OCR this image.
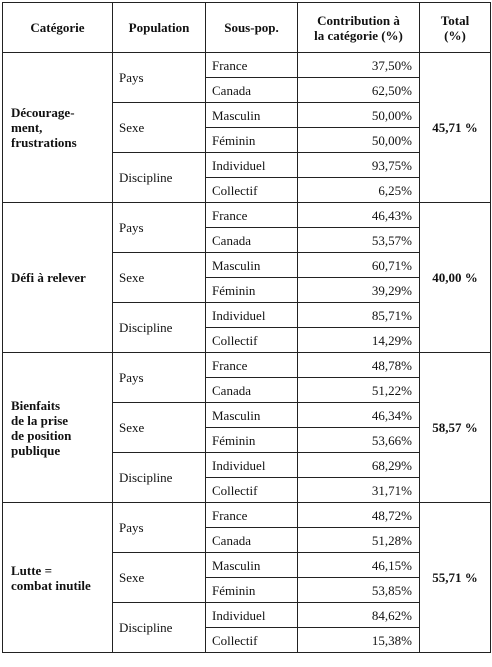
Catégorie	Population	Sous-pop.	Contribution à
la catégorie (%)	Total
(%)

Décourage-
ment,
frustrations	Pays	France	37,50%	45,71 %
		Canada	62,50%	
	Sexe	Masculin	50,00%	
		Féminin	50,00%	
	Discipline	Individuel	93,75%	
		Collectif	6,25%	
Défi à relever	Pays	France	46,43%	40,00 %
		Canada	53,57%	
	Sexe	Masculin	60,71%	
		Féminin	39,29%	
	Discipline	Individuel	85,71%	
		Collectif	14,29%	
Bienfaits
de la prise
de position
publique	Pays	France	48,78%	58,57 %
		Canada	51,22%	
	Sexe	Masculin	46,34%	
		Féminin	53,66%	
	Discipline	Individuel	68,29%	
		Collectif	31,71%	
Lutte =
combat inutile	Pays	France	48,72%	55,71 %
		Canada	51,28%	
	Sexe	Masculin	46,15%	
		Féminin	53,85%	
	Discipline	Individuel	84,62%	
		Collectif	15,38%	
